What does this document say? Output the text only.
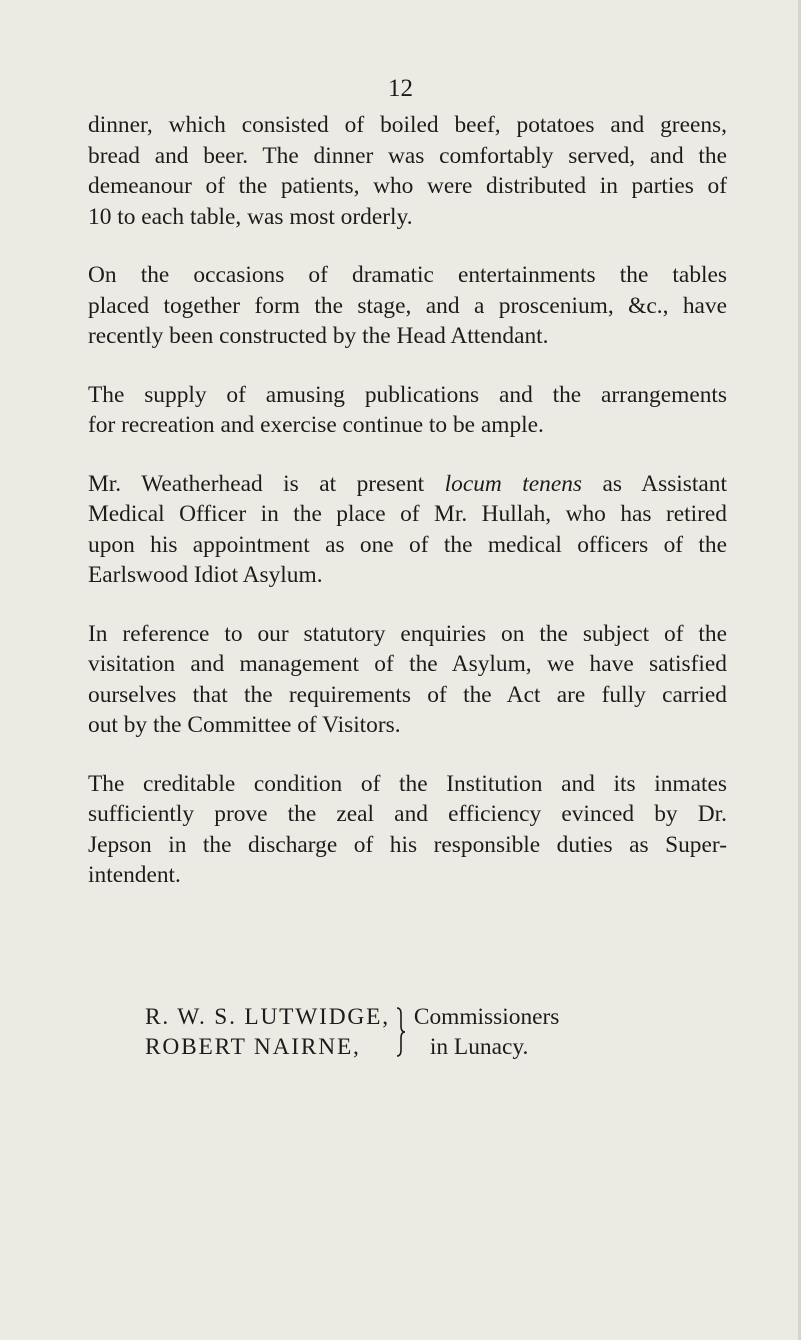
12

dinner, which consisted of boiled beef, potatoes and greens,
bread and beer. The dinner was comfortably served, and the
demeanour of the patients, who were distributed in parties of
10 to each table, was most orderly.

On the occasions of dramatic entertainments the tables
placed together form the stage, and a proscenium, &c., have
recently been constructed by the Head Attendant.

The supply of amusing publications and the arrangements
for recreation and exercise continue to be ample.

Mr. Weatherhead is at present locum tenens as Assistant
Medical Officer in the place of Mr. Hullah, who has retired
upon his appointment as one of the medical officers of the
Earlswood Idiot Asylum.

In reference to our statutory enquiries on the subject of the
visitation and management of the Asylum, we have satisfied
ourselves that the requirements of the Act are fully carried
out by the Committee of Visitors.

The creditable condition of the Institution and its inmates
sufficiently prove the zeal and efficiency evinced by Dr.
Jepson in the discharge of his responsible duties as Super-
intendent.

R. W. S. LUTWIDGE,
ROBERT NAIRNE,
Commissioners
in Lunacy.
